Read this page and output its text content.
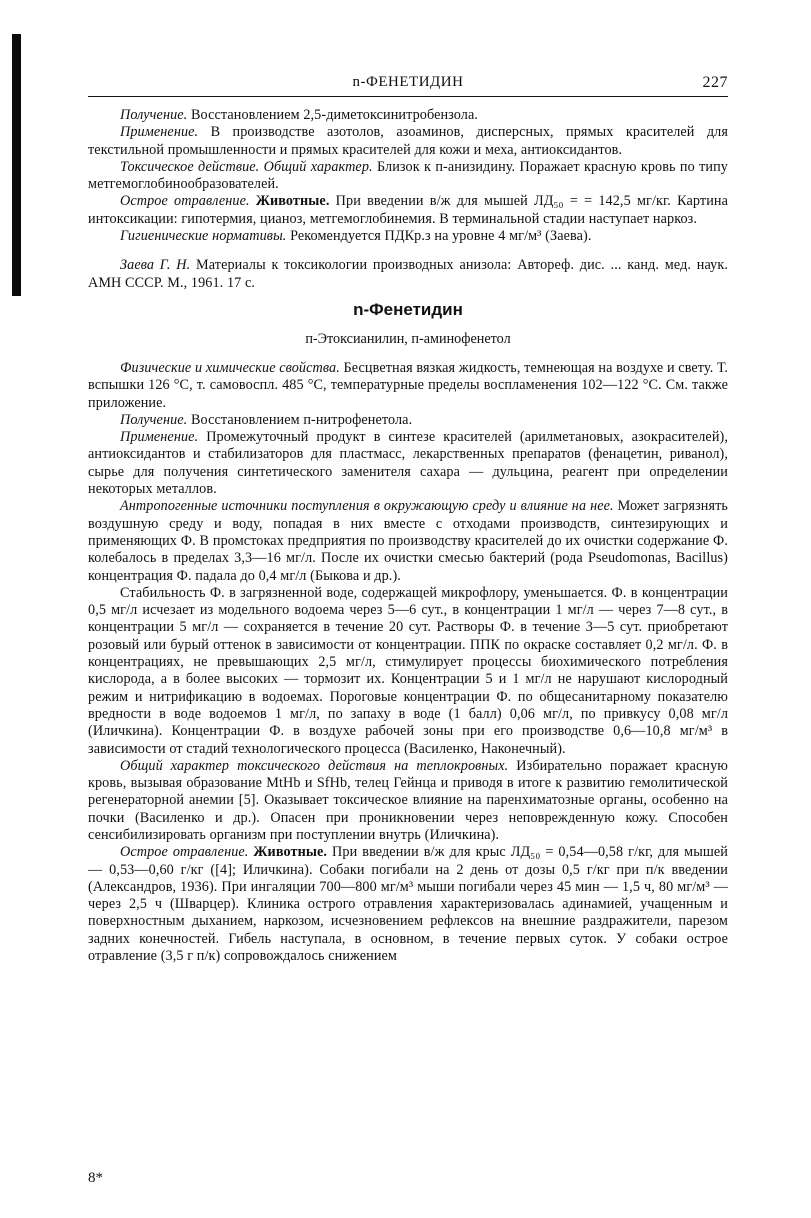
n-ФЕНЕТИДИН	227

Получение. Восстановлением 2,5-диметоксинитробензола.

Применение. В производстве азотолов, азоаминов, дисперсных, прямых красителей для текстильной промышленности и прямых красителей для кожи и меха, антиоксидантов.

Токсическое действие. Общий характер. Близок к п-анизидину. Поражает красную кровь по типу метгемоглобинообразователей.

Острое отравление. Животные. При введении в/ж для мышей ЛД₅₀ = = 142,5 мг/кг. Картина интоксикации: гипотермия, цианоз, метгемоглобинемия. В терминальной стадии наступает наркоз.

Гигиенические нормативы. Рекомендуется ПДКр.з на уровне 4 мг/м³ (Заева).

Заева Г. Н. Материалы к токсикологии производных анизола: Автореф. дис. ... канд. мед. наук. АМН СССР. М., 1961. 17 с.

n-Фенетидин
п-Этоксианилин, п-аминофенетол

Физические и химические свойства. Бесцветная вязкая жидкость, темнеющая на воздухе и свету. Т. вспышки 126 °С, т. самовоспл. 485 °С, температурные пределы воспламенения 102—122 °С. См. также приложение.

Получение. Восстановлением п-нитрофенетола.

Применение. Промежуточный продукт в синтезе красителей (арилметановых, азокрасителей), антиоксидантов и стабилизаторов для пластмасс, лекарственных препаратов (фенацетин, риванол), сырье для получения синтетического заменителя сахара — дульцина, реагент при определении некоторых металлов.

Антропогенные источники поступления в окружающую среду и влияние на нее. Может загрязнять воздушную среду и воду, попадая в них вместе с отходами производств, синтезирующих и применяющих Ф. В промстоках предприятия по производству красителей до их очистки содержание Ф. колебалось в пределах 3,3—16 мг/л. После их очистки смесью бактерий (рода Pseudomonas, Bacillus) концентрация Ф. падала до 0,4 мг/л (Быкова и др.).

Стабильность Ф. в загрязненной воде, содержащей микрофлору, уменьшается. Ф. в концентрации 0,5 мг/л исчезает из модельного водоема через 5—6 сут., в концентрации 1 мг/л — через 7—8 сут., в концентрации 5 мг/л — сохраняется в течение 20 сут. Растворы Ф. в течение 3—5 сут. приобретают розовый или бурый оттенок в зависимости от концентрации. ППК по окраске составляет 0,2 мг/л. Ф. в концентрациях, не превышающих 2,5 мг/л, стимулирует процессы биохимического потребления кислорода, а в более высоких — тормозит их. Концентрации 5 и 1 мг/л не нарушают кислородный режим и нитрификацию в водоемах. Пороговые концентрации Ф. по общесанитарному показателю вредности в воде водоемов 1 мг/л, по запаху в воде (1 балл) 0,06 мг/л, по привкусу 0,08 мг/л (Иличкина). Концентрации Ф. в воздухе рабочей зоны при его производстве 0,6—10,8 мг/м³ в зависимости от стадий технологического процесса (Василенко, Наконечный).

Общий характер токсического действия на теплокровных. Избирательно поражает красную кровь, вызывая образование MtHb и SfHb, телец Гейнца и приводя в итоге к развитию гемолитической регенераторной анемии [5]. Оказывает токсическое влияние на паренхиматозные органы, особенно на почки (Василенко и др.). Опасен при проникновении через неповрежденную кожу. Способен сенсибилизировать организм при поступлении внутрь (Иличкина).

Острое отравление. Животные. При введении в/ж для крыс ЛД₅₀ = 0,54—0,58 г/кг, для мышей — 0,53—0,60 г/кг ([4]; Иличкина). Собаки погибали на 2 день от дозы 0,5 г/кг при п/к введении (Александров, 1936). При ингаляции 700—800 мг/м³ мыши погибали через 45 мин — 1,5 ч, 80 мг/м³ — через 2,5 ч (Шварцер). Клиника острого отравления характеризовалась адинамией, учащенным и поверхностным дыханием, наркозом, исчезновением рефлексов на внешние раздражители, парезом задних конечностей. Гибель наступала, в основном, в течение первых суток. У собаки острое отравление (3,5 г п/к) сопровождалось снижением

8*
